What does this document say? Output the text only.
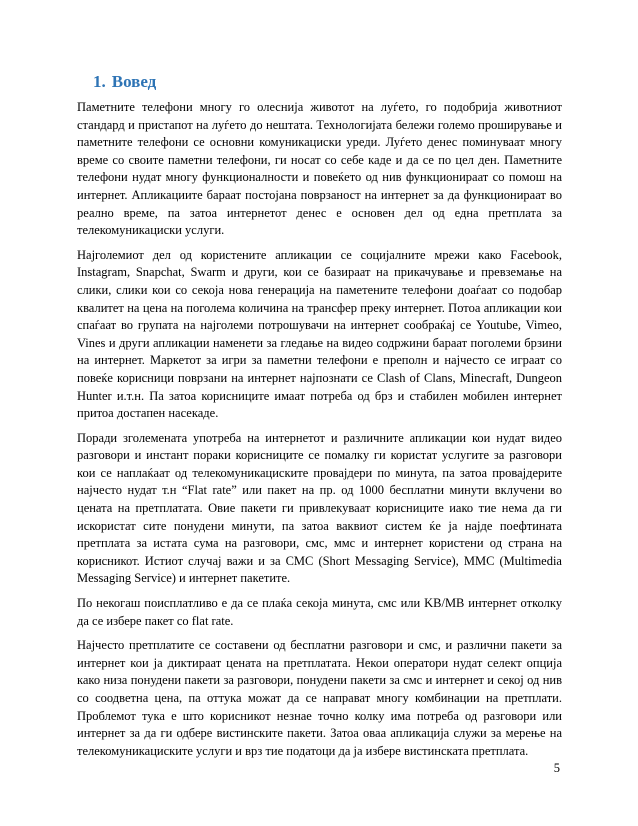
1. Вовед

Паметните телефони многу го олеснија животот на луѓето, го подобрија животниот стандард и пристапот на луѓето до нештата. Технологијата бележи големо проширување и паметните телефони се основни комуникациски уреди. Луѓето денес поминуваат многу време со своите паметни телефони, ги носат со себе каде и да се по цел ден. Паметните телефони нудат многу функционалности и повеќето од нив функционираат со помош на интернет. Апликациите бараат постојана поврзаност на интернет за да функционираат во реално време, па затоа интернетот денес е основен дел од една претплата за телекомуникациски услуги.

Најголемиот дел од користените апликации се социјалните мрежи како Facebook, Instagram, Snapchat, Swarm и други, кои се базираат на прикачување и превземање на слики, слики кои со секоја нова генерација на паметените телефони доаѓаат со подобар квалитет на цена на поголема количина на трансфер преку интернет. Потоа апликации кои спаѓаат во групата на најголеми потрошувачи на интернет сообраќај се Youtube, Vimeo, Vines и други апликации наменети за гледање на видео содржини бараат поголеми брзини на интернет. Маркетот за игри за паметни телефони е преполн и најчесто се играат со повеќе корисници поврзани на интернет најпознати се Clash of Clans, Minecraft, Dungeon Hunter и.т.н. Па затоа корисниците имаат потреба од брз и стабилен мобилен интернет притоа достапен насекаде.

Поради зголемената употреба на интернетот и различните апликации кои нудат видео разговори и инстант пораки корисниците се помалку ги користат услугите за разговори кои се наплаќаат од телекомуникациските провајдери по минута, па затоа провајдерите најчесто нудат т.н “Flat rate” или пакет на пр. од 1000 бесплатни минути вклучени во цената на претплатата. Овие пакети ги привлекуваат корисниците иако тие нема да ги искористат сите понудени минути, па затоа ваквиот систем ќе ја најде поефтината претплата за истата сума на разговори, смс, ммс и интернет користени од страна на корисникот. Истиот случај важи и за СМС (Short Messaging Service), ММС (Multimedia Messaging Service) и интернет пакетите.

По некогаш поисплатливо е да се плаќа секоја минута, смс или KB/MB интернет отколку да се избере пакет со flat rate.

Најчесто претплатите се составени од бесплатни разговори и смс, и различни пакети за интернет кои ја диктираат цената на претплатата. Некои оператори нудат селект опција како низа понудени пакети за разговори, понудени пакети за смс и интернет и секој од нив со соодветна цена, па оттука можат да се направат многу комбинации на претплати. Проблемот тука е што корисникот незнае точно колку има потреба од разговори или интернет за да ги одбере вистинските пакети. Затоа оваа апликација служи за мерење на телекомуникациските услуги и врз тие податоци да ја избере вистинската претплата.

5
